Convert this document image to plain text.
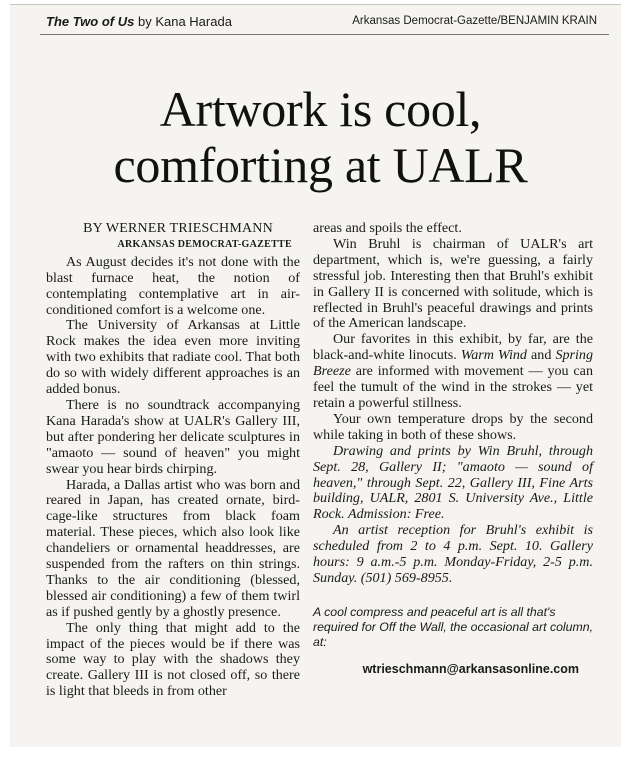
The Two of Us by Kana Harada	Arkansas Democrat-Gazette/BENJAMIN KRAIN
Artwork is cool,
comforting at UALR

BY WERNER TRIESCHMANN

ARKANSAS DEMOCRAT-GAZETTE

As August decides it's not done with the blast furnace heat, the notion of contemplating contemplative art in air-conditioned comfort is a welcome one.

The University of Arkansas at Little Rock makes the idea even more inviting with two exhibits that radiate cool. That both do so with widely different approaches is an added bonus.

There is no soundtrack accompanying Kana Harada's show at UALR's Gallery III, but after pondering her delicate sculptures in "amaoto — sound of heaven" you might swear you hear birds chirping.

Harada, a Dallas artist who was born and reared in Japan, has created ornate, bird-cage-like structures from black foam material. These pieces, which also look like chandeliers or ornamental headdresses, are suspended from the rafters on thin strings. Thanks to the air conditioning (blessed, blessed air conditioning) a few of them twirl as if pushed gently by a ghostly presence.

The only thing that might add to the impact of the pieces would be if there was some way to play with the shadows they create. Gallery III is not closed off, so there is light that bleeds in from other

areas and spoils the effect.

Win Bruhl is chairman of UALR's art department, which is, we're guessing, a fairly stressful job. Interesting then that Bruhl's exhibit in Gallery II is concerned with solitude, which is reflected in Bruhl's peaceful drawings and prints of the American landscape.

Our favorites in this exhibit, by far, are the black-and-white linocuts. Warm Wind and Spring Breeze are informed with movement — you can feel the tumult of the wind in the strokes — yet retain a powerful stillness.

Your own temperature drops by the second while taking in both of these shows.

Drawing and prints by Win Bruhl, through Sept. 28, Gallery II; "amaoto — sound of heaven," through Sept. 22, Gallery III, Fine Arts building, UALR, 2801 S. University Ave., Little Rock. Admission: Free.

An artist reception for Bruhl's exhibit is scheduled from 2 to 4 p.m. Sept. 10. Gallery hours: 9 a.m.-5 p.m. Monday-Friday, 2-5 p.m. Sunday. (501) 569-8955.

A cool compress and peaceful art is all that's required for Off the Wall, the occasional art column, at:

wtrieschmann@arkansasonline.com
